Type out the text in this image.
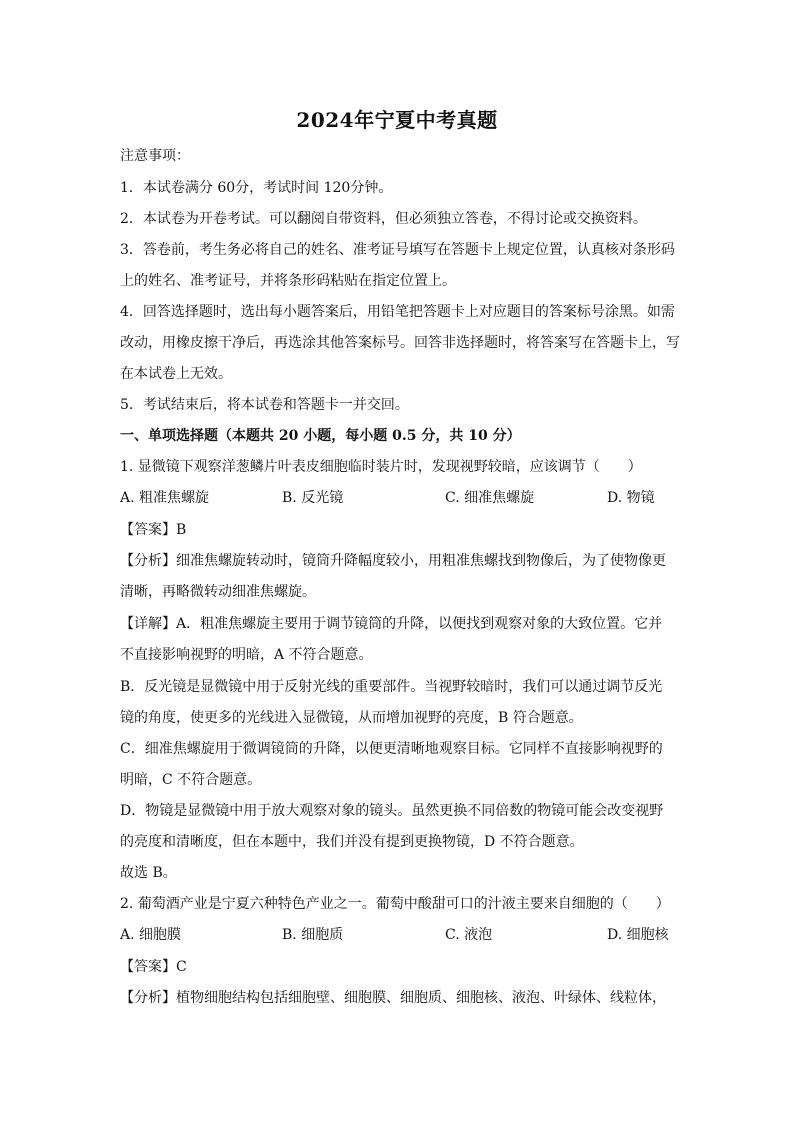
2024年宁夏中考真题
注意事项：
1．本试卷满分 60分，考试时间 120分钟。
2．本试卷为开卷考试。可以翻阅自带资料，但必须独立答卷，不得讨论或交换资料。
3．答卷前，考生务必将自己的姓名、准考证号填写在答题卡上规定位置，认真核对条形码
上的姓名、准考证号，并将条形码粘贴在指定位置上。
4．回答选择题时，选出每小题答案后，用铅笔把答题卡上对应题目的答案标号涂黑。如需
改动，用橡皮擦干净后，再选涂其他答案标号。回答非选择题时，将答案写在答题卡上，写
在本试卷上无效。
5．考试结束后，将本试卷和答题卡一并交回。
一、单项选择题（本题共 20 小题，每小题 0.5 分，共 10 分）
1. 显微镜下观察洋葱鳞片叶表皮细胞临时装片时，发现视野较暗，应该调节（　　）
A. 粗准焦螺旋	B. 反光镜	C. 细准焦螺旋	D. 物镜
【答案】B
【分析】细准焦螺旋转动时，镜筒升降幅度较小，用粗准焦螺找到物像后，为了使物像更
清晰，再略微转动细准焦螺旋。
【详解】A．粗准焦螺旋主要用于调节镜筒的升降，以便找到观察对象的大致位置。它并
不直接影响视野的明暗，A 不符合题意。
B．反光镜是显微镜中用于反射光线的重要部件。当视野较暗时，我们可以通过调节反光
镜的角度，使更多的光线进入显微镜，从而增加视野的亮度，B 符合题意。
C．细准焦螺旋用于微调镜筒的升降，以便更清晰地观察目标。它同样不直接影响视野的
明暗，C 不符合题意。
D．物镜是显微镜中用于放大观察对象的镜头。虽然更换不同倍数的物镜可能会改变视野
的亮度和清晰度，但在本题中，我们并没有提到更换物镜，D 不符合题意。
故选 B。
2. 葡萄酒产业是宁夏六种特色产业之一。葡萄中酸甜可口的汁液主要来自细胞的（　　）
A. 细胞膜	B. 细胞质	C. 液泡	D. 细胞核
【答案】C
【分析】植物细胞结构包括细胞壁、细胞膜、细胞质、细胞核、液泡、叶绿体、线粒体，
